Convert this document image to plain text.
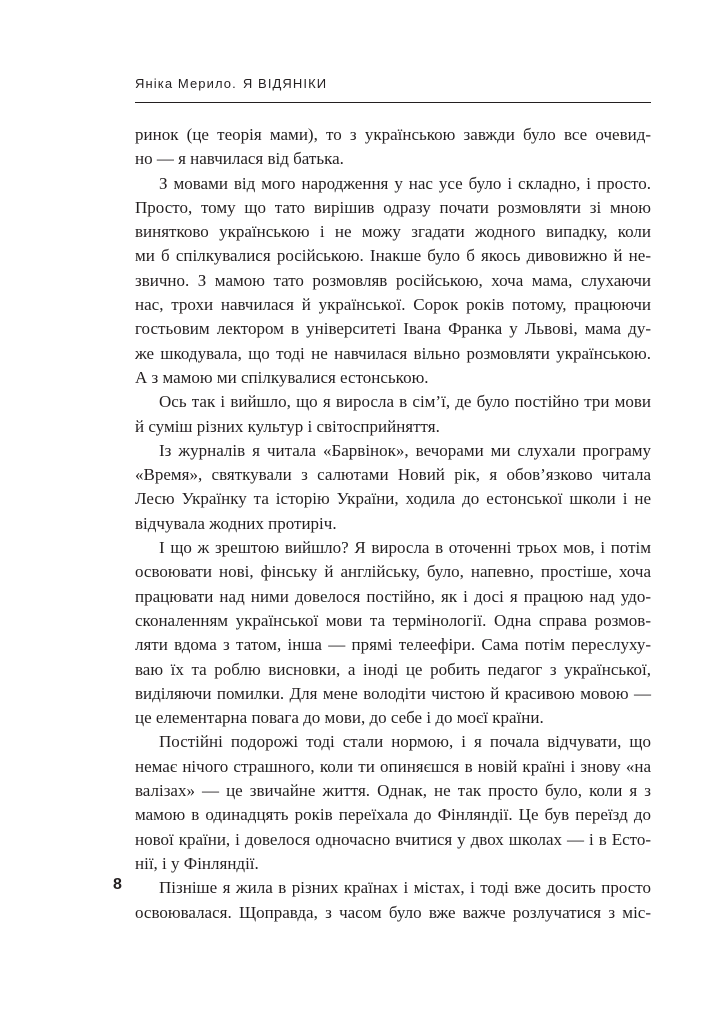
Яніка Мерило. Я ВІДЯНІКИ
ринок (це теорія мами), то з українською завжди було все очевид-
но — я навчилася від батька.
З мовами від мого народження у нас усе було і складно, і просто.
Просто, тому що тато вирішив одразу почати розмовляти зі мною
винятково українською і не можу згадати жодного випадку, коли
ми б спілкувалися російською. Інакше було б якось дивовижно й не-
звично. З мамою тато розмовляв російською, хоча мама, слухаючи
нас, трохи навчилася й української. Сорок років потому, працюючи
гостьовим лектором в університеті Івана Франка у Львові, мама ду-
же шкодувала, що тоді не навчилася вільно розмовляти українською.
А з мамою ми спілкувалися естонською.
Ось так і вийшло, що я виросла в сім’ї, де було постійно три мови
й суміш різних культур і світосприйняття.
Із журналів я читала «Барвінок», вечорами ми слухали програму
«Время», святкували з салютами Новий рік, я обов’язково читала
Лесю Українку та історію України, ходила до естонської школи і не
відчувала жодних протиріч.
І що ж зрештою вийшло? Я виросла в оточенні трьох мов, і потім
освоювати нові, фінську й англійську, було, напевно, простіше, хоча
працювати над ними довелося постійно, як і досі я працюю над удо-
сконаленням української мови та термінології. Одна справа розмов-
ляти вдома з татом, інша — прямі телеефіри. Сама потім переслуху-
ваю їх та роблю висновки, а іноді це робить педагог з української,
виділяючи помилки. Для мене володіти чистою й красивою мовою —
це елементарна повага до мови, до себе і до моєї країни.
Постійні подорожі тоді стали нормою, і я почала відчувати, що
немає нічого страшного, коли ти опиняєшся в новій країні і знову «на
валізах» — це звичайне життя. Однак, не так просто було, коли я з
мамою в одинадцять років переїхала до Фінляндії. Це був переїзд до
нової країни, і довелося одночасно вчитися у двох школах — і в Есто-
нії, і у Фінляндії.
Пізніше я жила в різних країнах і містах, і тоді вже досить просто
освоювалася. Щоправда, з часом було вже важче розлучатися з міс-
8
